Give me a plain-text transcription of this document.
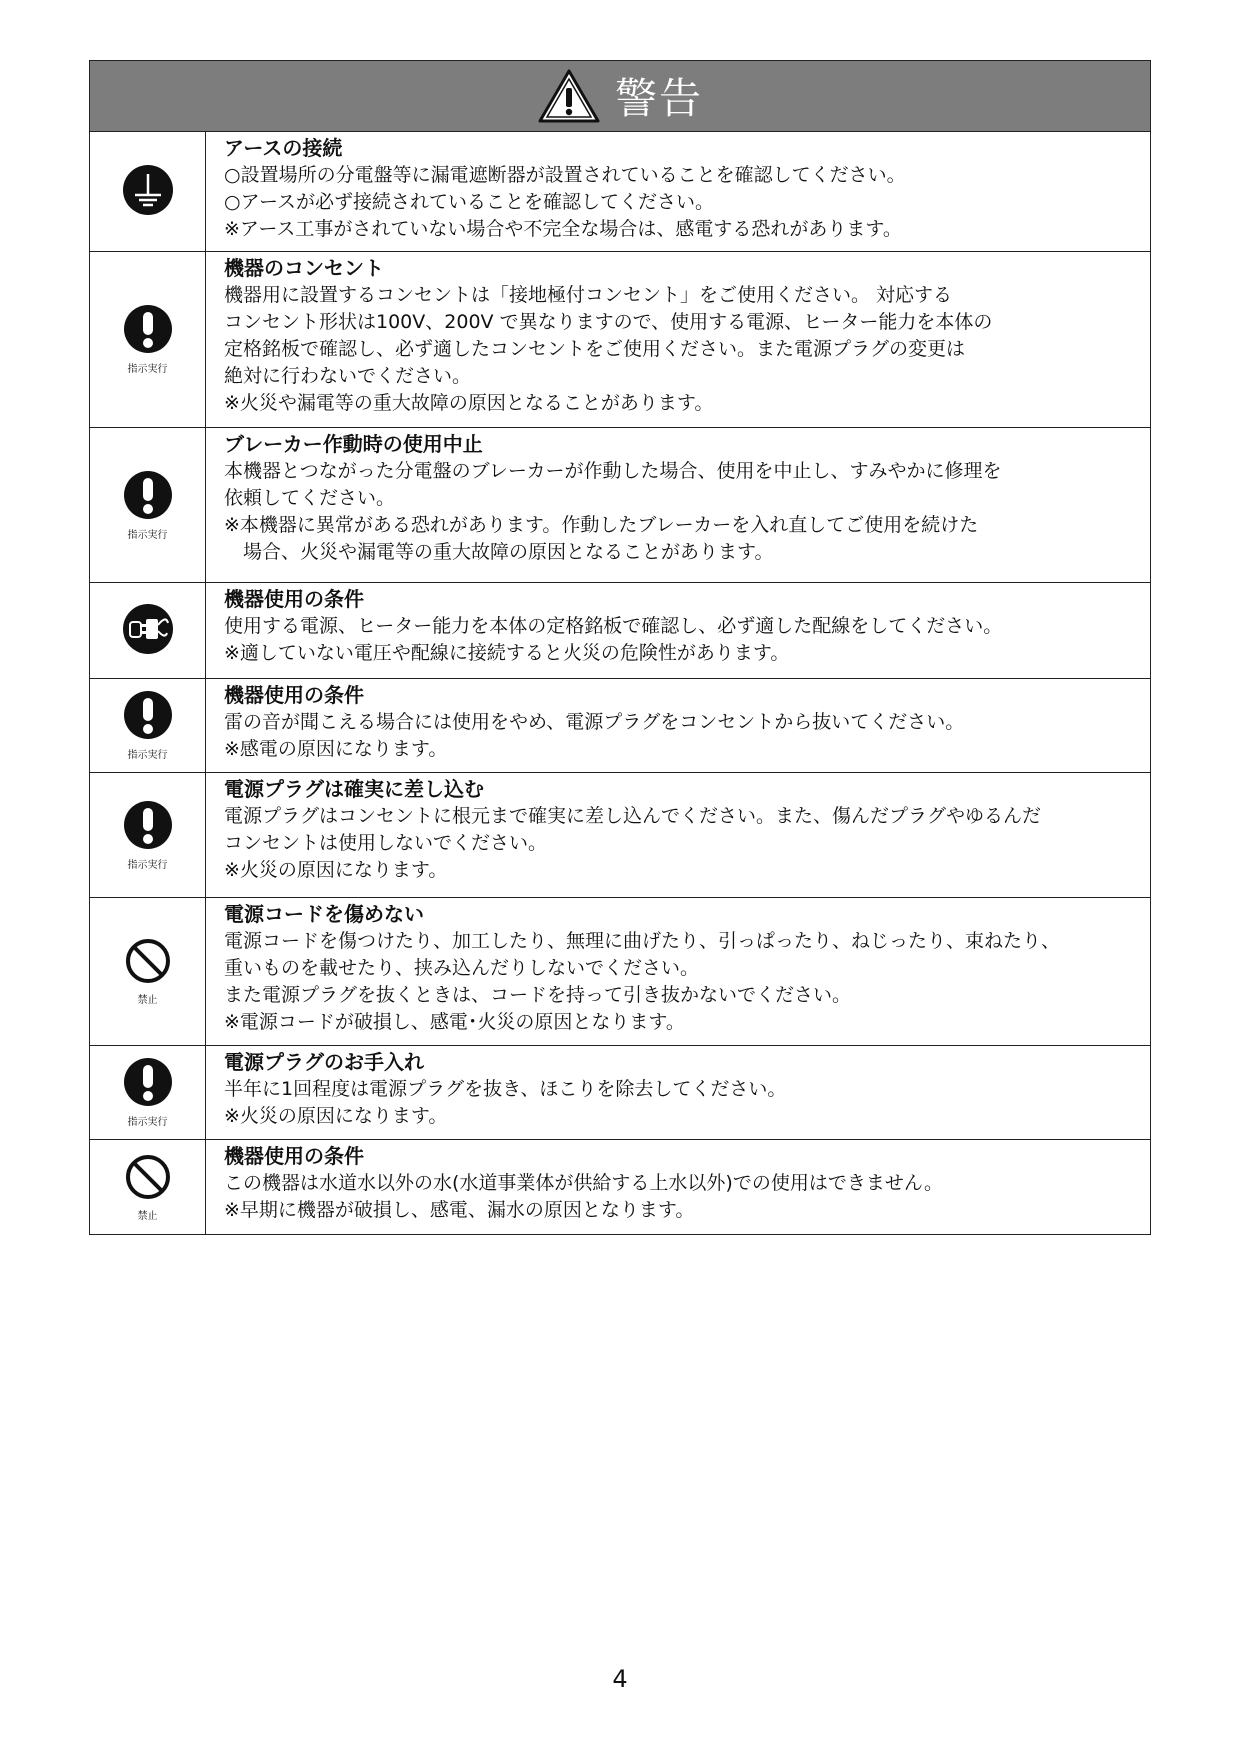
警告
アースの接続
○設置場所の分電盤等に漏電遮断器が設置されていることを確認してください。
○アースが必ず接続されていることを確認してください。
※アース工事がされていない場合や不完全な場合は、感電する恐れがあります。
指示実行
機器のコンセント
機器用に設置するコンセントは「接地極付コンセント」をご使用ください。 対応する
コンセント形状は100V、200V で異なりますので、使用する電源、ヒーター能力を本体の
定格銘板で確認し、必ず適したコンセントをご使用ください。また電源プラグの変更は
絶対に行わないでください。
※火災や漏電等の重大故障の原因となることがあります。
指示実行
ブレーカー作動時の使用中止
本機器とつながった分電盤のブレーカーが作動した場合、使用を中止し、すみやかに修理を
依頼してください。
※本機器に異常がある恐れがあります。作動したブレーカーを入れ直してご使用を続けた
　場合、火災や漏電等の重大故障の原因となることがあります。
機器使用の条件
使用する電源、ヒーター能力を本体の定格銘板で確認し、必ず適した配線をしてください。
※適していない電圧や配線に接続すると火災の危険性があります。
指示実行
機器使用の条件
雷の音が聞こえる場合には使用をやめ、電源プラグをコンセントから抜いてください。
※感電の原因になります。
指示実行
電源プラグは確実に差し込む
電源プラグはコンセントに根元まで確実に差し込んでください。また、傷んだプラグやゆるんだ
コンセントは使用しないでください。
※火災の原因になります。
禁止
電源コードを傷めない
電源コードを傷つけたり、加工したり、無理に曲げたり、引っぱったり、ねじったり、束ねたり、
重いものを載せたり、挟み込んだりしないでください。
また電源プラグを抜くときは、コードを持って引き抜かないでください。
※電源コードが破損し、感電･火災の原因となります。
指示実行
電源プラグのお手入れ
半年に1回程度は電源プラグを抜き、ほこりを除去してください。
※火災の原因になります。
禁止
機器使用の条件
この機器は水道水以外の水(水道事業体が供給する上水以外)での使用はできません。
※早期に機器が破損し、感電、漏水の原因となります。
4
